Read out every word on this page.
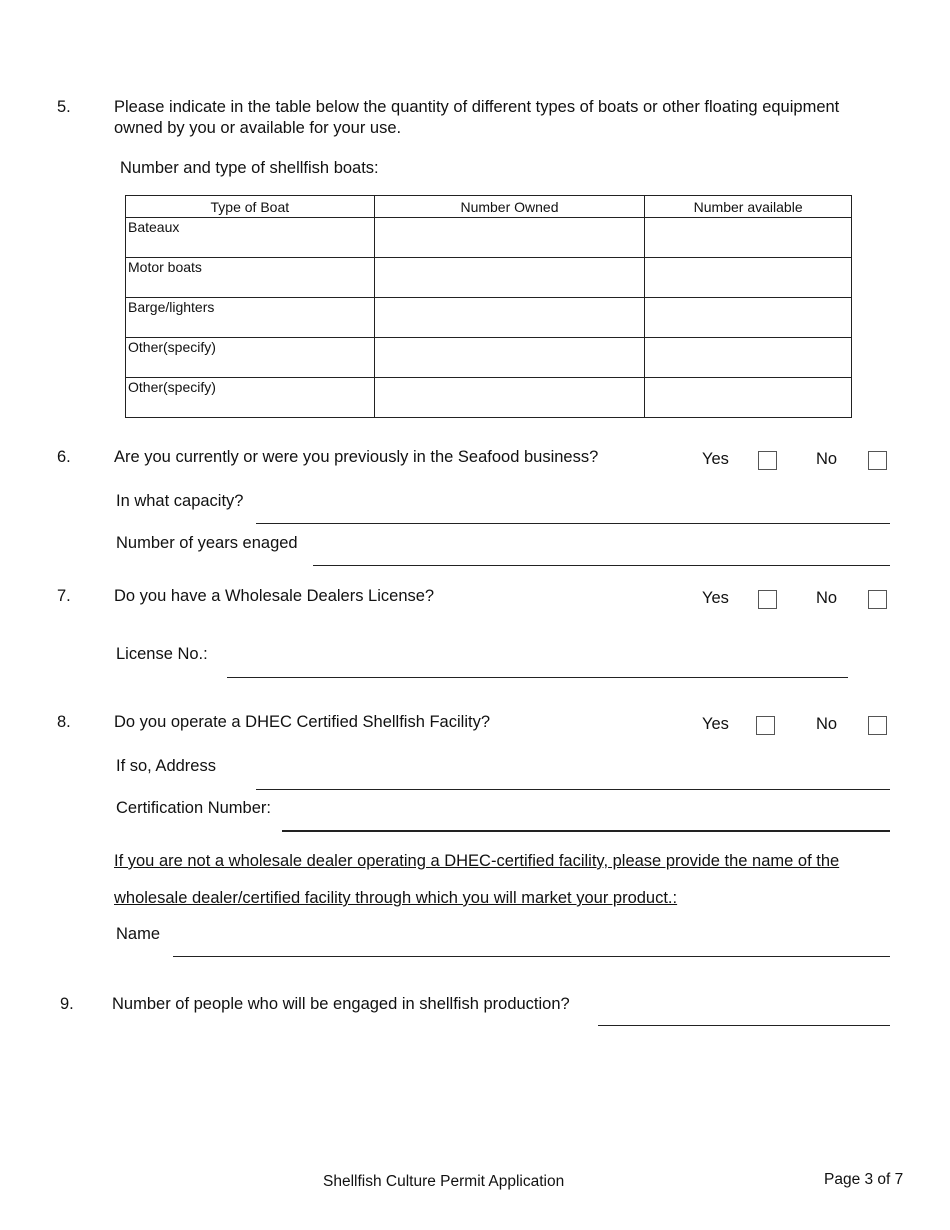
5.	Please indicate in the table below the quantity of different types of boats or other floating equipment
owned by you or available for your use.
Number and type of shellfish boats:
Type of Boat	Number Owned	Number available
Bateaux		
Motor boats		
Barge/lighters		
Other(specify)		
Other(specify)		
6.	Are you currently or were you previously in the Seafood business?	Yes	No
In what capacity?
Number of years enaged
7.	Do you have a Wholesale Dealers License?	Yes	No
License No.:
8.	Do you operate a DHEC Certified Shellfish Facility?	Yes	No
If so, Address
Certification Number:
If you are not a wholesale dealer operating a DHEC-certified facility, please provide the name of the
wholesale dealer/certified facility through which you will market your product.:
Name
9. Number of people who will be engaged in shellfish production?
Shellfish Culture Permit Application	Page 3 of 7
